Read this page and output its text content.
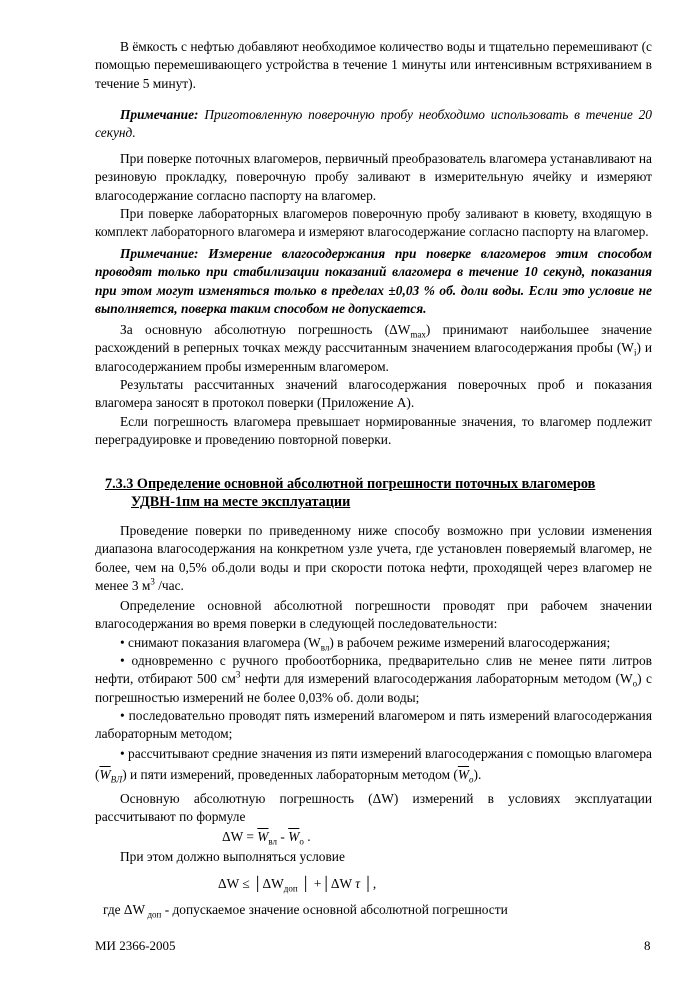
В ёмкость с нефтью добавляют необходимое количество воды и тщательно перемешивают (с помощью перемешивающего устройства в течение 1 минуты или интенсивным встряхиванием в течение 5 минут).
Примечание: Приготовленную поверочную пробу необходимо использовать в течение 20 секунд.
При поверке поточных влагомеров, первичный преобразователь влагомера устанавливают на резиновую прокладку, поверочную пробу заливают в измерительную ячейку и измеряют влагосодержание согласно паспорту на влагомер.
При поверке лабораторных влагомеров поверочную пробу заливают в кювету, входящую в комплект лабораторного влагомера и измеряют влагосодержание согласно паспорту на влагомер.
Примечание: Измерение влагосодержания при поверке влагомеров этим способом проводят только при стабилизации показаний влагомера в течение 10 секунд, показания при этом могут изменяться только в пределах ±0,03 % об. доли воды. Если это условие не выполняется, поверка таким способом не допускается.
За основную абсолютную погрешность $(\Delta W_{max})$ принимают наибольшее значение расхождений в реперных точках между рассчитанным значением влагосодержания пробы $(W_i)$ и влагосодержанием пробы измеренным влагомером.
Результаты рассчитанных значений влагосодержания поверочных проб и показания влагомера заносят в протокол поверки (Приложение А).
Если погрешность влагомера превышает нормированные значения, то влагомер подлежит переградуировке и проведению повторной поверки.
7.3.3 Определение основной абсолютной погрешности поточных влагомеров
УДВН-1пм на месте эксплуатации
Проведение поверки по приведенному ниже способу возможно при условии изменения диапазона влагосодержания на конкретном узле учета, где установлен поверяемый влагомер, не более, чем на 0,5% об.доли воды и при скорости потока нефти, проходящей через влагомер не менее 3 $м^3$ /час.
Определение основной абсолютной погрешности проводят при рабочем значении влагосодержания во время поверки в следующей последовательности:
• снимают показания влагомера $(W_{вл})$ в рабочем режиме измерений влагосодержания;
• одновременно с ручного пробоотборника, предварительно слив не менее пяти литров нефти, отбирают 500 $см^3$ нефти для измерений влагосодержания лабораторным методом $(W_о)$ с погрешностью измерений не более 0,03% об. доли воды;
• последовательно проводят пять измерений влагомером и пять измерений влагосодержания лабораторным методом;
• рассчитывают средние значения из пяти измерений влагосодержания с помощью влагомера $(\overline{W}_{ВЛ})$ и пяти измерений, проведенных лабораторным методом $(\overline{W}_o)$.
Основную абсолютную погрешность (ΔW) измерений в условиях эксплуатации рассчитывают по формуле
$\Delta W = \overline{W}_{вл} - \overline{W}_о$ .
При этом должно выполняться условие
$\Delta W \le │\Delta W_{доп}$ │ +│ΔW τ │,
где ΔW $_{доп}$ - допускаемое значение основной абсолютной погрешности
МИ 2366-2005	8
